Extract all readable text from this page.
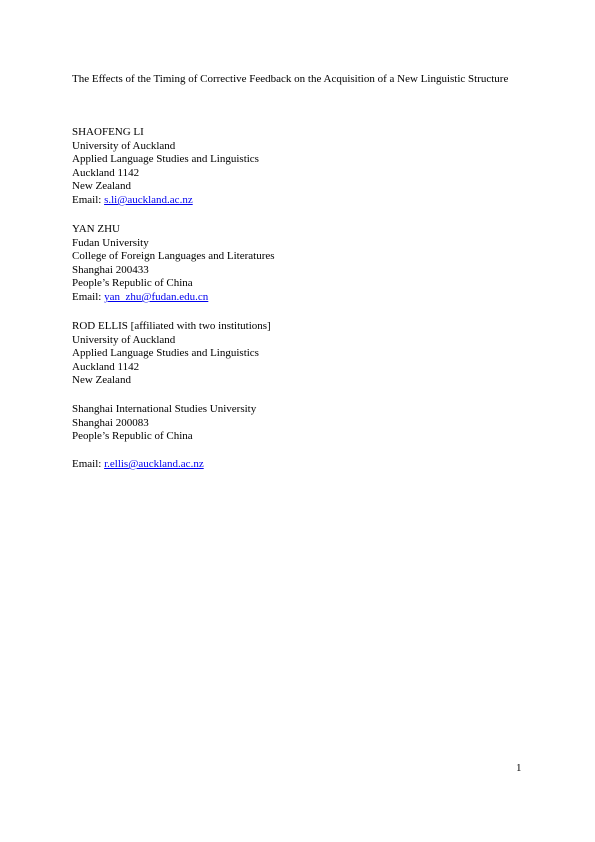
The Effects of the Timing of Corrective Feedback on the Acquisition of a New Linguistic Structure
SHAOFENG LI
University of Auckland
Applied Language Studies and Linguistics
Auckland 1142
New Zealand
Email: s.li@auckland.ac.nz
YAN ZHU
Fudan University
College of Foreign Languages and Literatures
Shanghai 200433
People’s Republic of China
Email: yan_zhu@fudan.edu.cn
ROD ELLIS [affiliated with two institutions]
University of Auckland
Applied Language Studies and Linguistics
Auckland 1142
New Zealand
Shanghai International Studies University
Shanghai 200083
People’s Republic of China
Email: r.ellis@auckland.ac.nz
1
